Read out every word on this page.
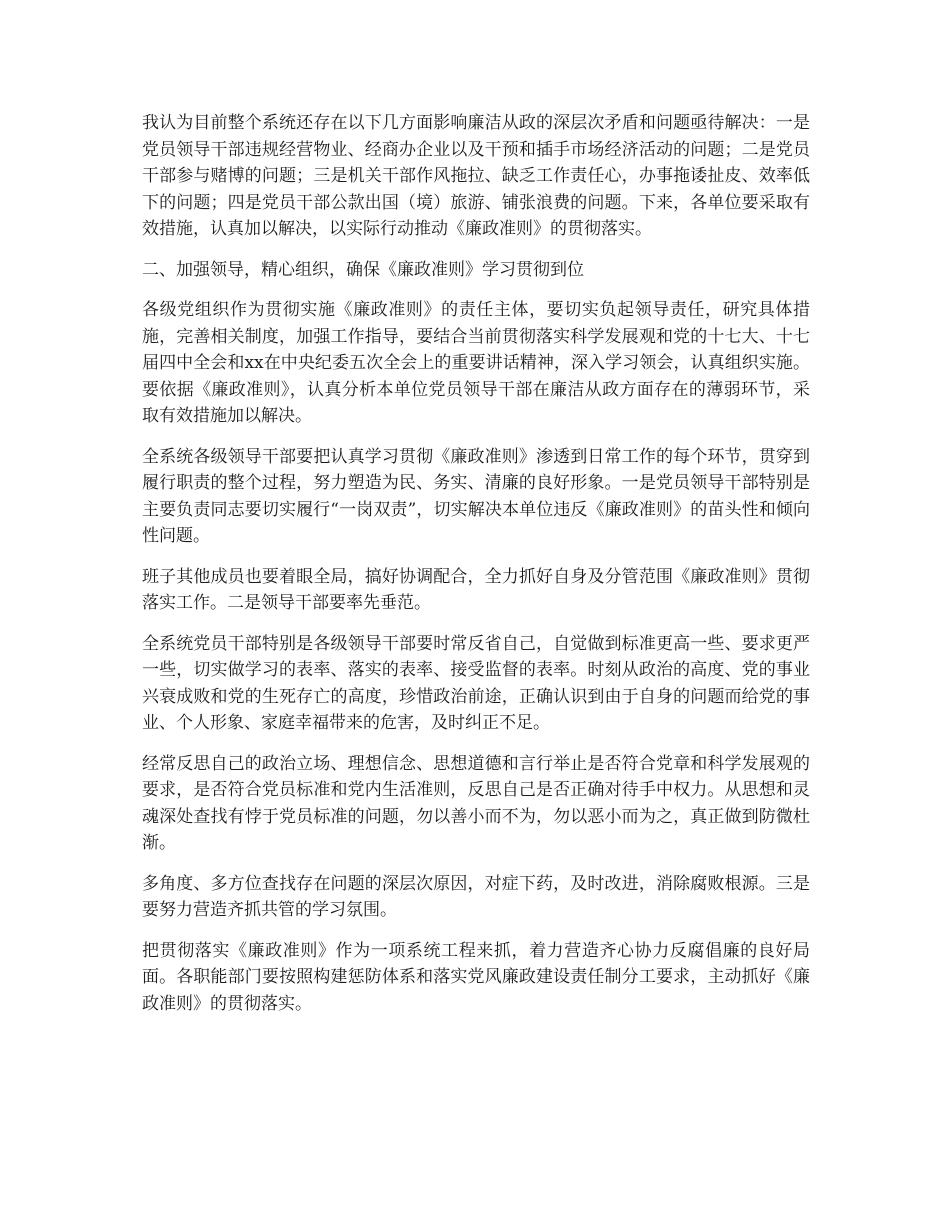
我认为目前整个系统还存在以下几方面影响廉洁从政的深层次矛盾和问题亟待解决：一是党员领导干部违规经营物业、经商办企业以及干预和插手市场经济活动的问题；二是党员干部参与赌博的问题；三是机关干部作风拖拉、缺乏工作责任心，办事拖诿扯皮、效率低下的问题；四是党员干部公款出国（境）旅游、铺张浪费的问题。下来，各单位要采取有效措施，认真加以解决，以实际行动推动《廉政准则》的贯彻落实。

二、加强领导，精心组织，确保《廉政准则》学习贯彻到位

各级党组织作为贯彻实施《廉政准则》的责任主体，要切实负起领导责任，研究具体措施，完善相关制度，加强工作指导，要结合当前贯彻落实科学发展观和党的十七大、十七届四中全会和xx在中央纪委五次全会上的重要讲话精神，深入学习领会，认真组织实施。要依据《廉政准则》，认真分析本单位党员领导干部在廉洁从政方面存在的薄弱环节，采取有效措施加以解决。

全系统各级领导干部要把认真学习贯彻《廉政准则》渗透到日常工作的每个环节，贯穿到履行职责的整个过程，努力塑造为民、务实、清廉的良好形象。一是党员领导干部特别是主要负责同志要切实履行“一岗双责”，切实解决本单位违反《廉政准则》的苗头性和倾向性问题。

班子其他成员也要着眼全局，搞好协调配合，全力抓好自身及分管范围《廉政准则》贯彻落实工作。二是领导干部要率先垂范。

全系统党员干部特别是各级领导干部要时常反省自己，自觉做到标准更高一些、要求更严一些，切实做学习的表率、落实的表率、接受监督的表率。时刻从政治的高度、党的事业兴衰成败和党的生死存亡的高度，珍惜政治前途，正确认识到由于自身的问题而给党的事业、个人形象、家庭幸福带来的危害，及时纠正不足。

经常反思自己的政治立场、理想信念、思想道德和言行举止是否符合党章和科学发展观的要求，是否符合党员标准和党内生活准则，反思自己是否正确对待手中权力。从思想和灵魂深处查找有悖于党员标准的问题，勿以善小而不为，勿以恶小而为之，真正做到防微杜渐。

多角度、多方位查找存在问题的深层次原因，对症下药，及时改进，消除腐败根源。三是要努力营造齐抓共管的学习氛围。

把贯彻落实《廉政准则》作为一项系统工程来抓，着力营造齐心协力反腐倡廉的良好局面。各职能部门要按照构建惩防体系和落实党风廉政建设责任制分工要求，主动抓好《廉政准则》的贯彻落实。
